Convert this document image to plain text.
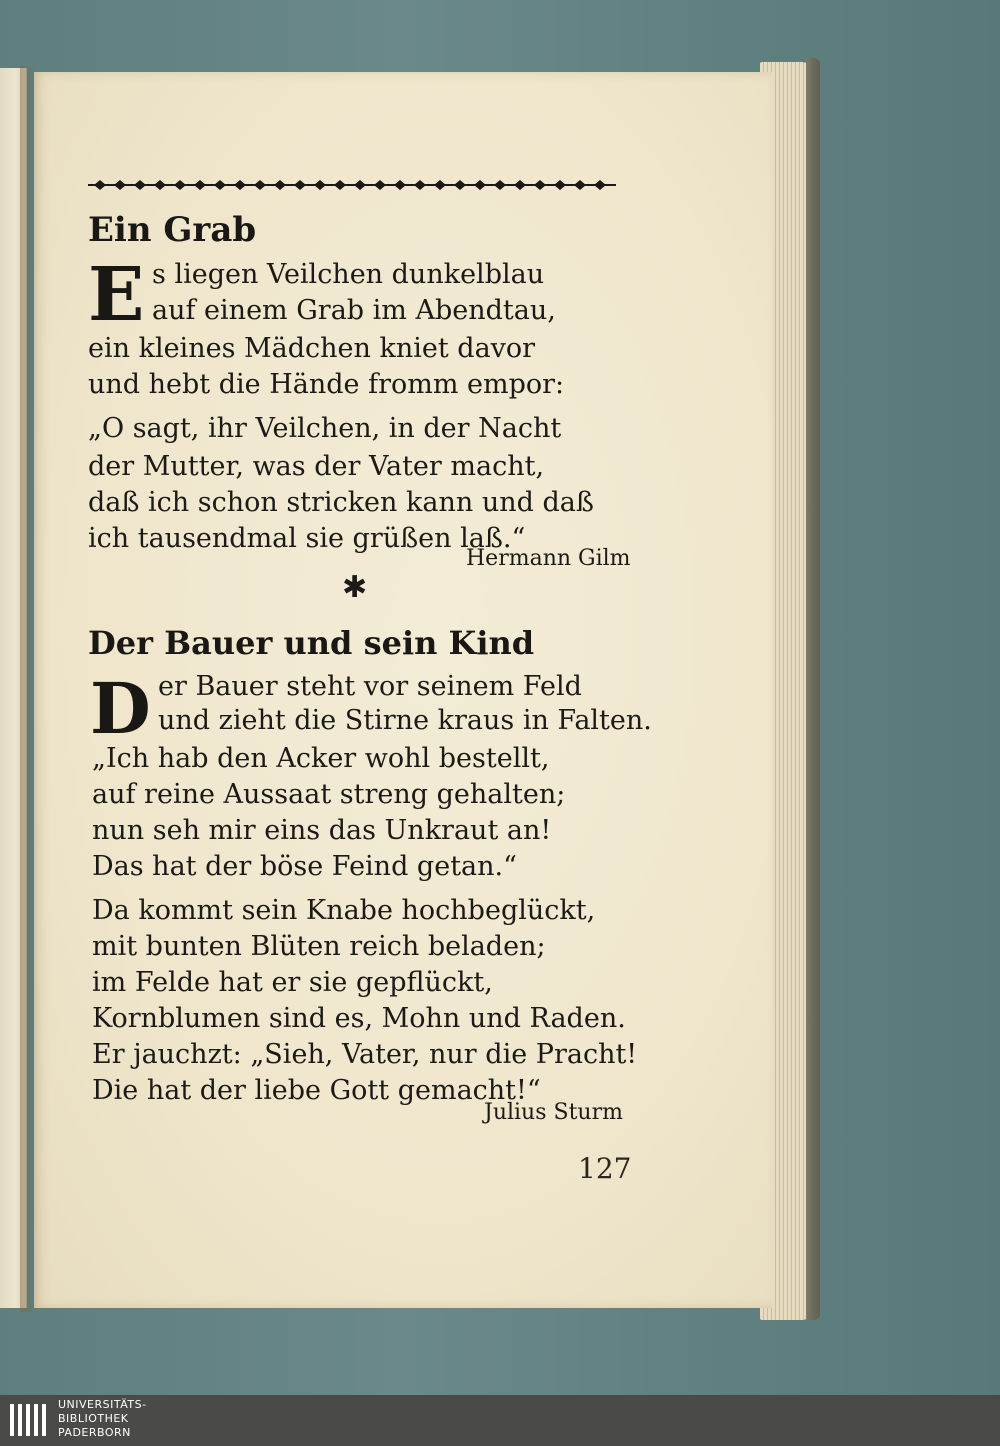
Ein Grab
E s liegen Veilchen dunkelblau
auf einem Grab im Abendtau,
ein kleines Mädchen kniet davor
und hebt die Hände fromm empor:
„O sagt, ihr Veilchen, in der Nacht
der Mutter, was der Vater macht,
daß ich schon stricken kann und daß
ich tausendmal sie grüßen laß.“
Hermann Gilm
✱
Der Bauer und sein Kind
D er Bauer steht vor seinem Feld
und zieht die Stirne kraus in Falten.
„Ich hab den Acker wohl bestellt,
auf reine Aussaat streng gehalten;
nun seh mir eins das Unkraut an!
Das hat der böse Feind getan.“
Da kommt sein Knabe hochbeglückt,
mit bunten Blüten reich beladen;
im Felde hat er sie gepflückt,
Kornblumen sind es, Mohn und Raden.
Er jauchzt: „Sieh, Vater, nur die Pracht!
Die hat der liebe Gott gemacht!“
Julius Sturm
127
UNIVERSITÄTS-
BIBLIOTHEK
PADERBORN
